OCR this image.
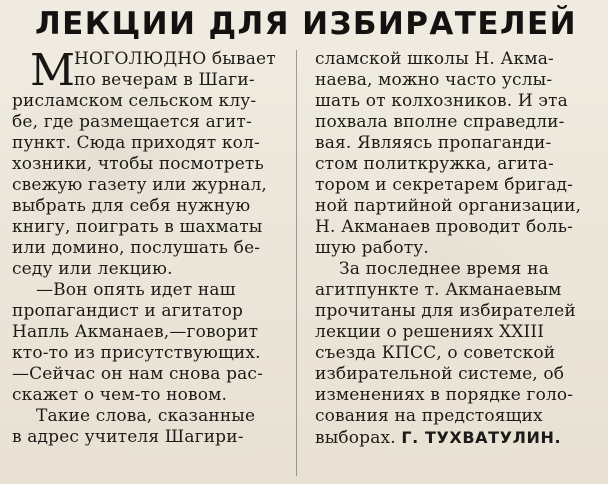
ЛЕКЦИИ ДЛЯ ИЗБИРАТЕЛЕЙ
М
НОГОЛЮДНО бывает
по вечерам в Шаги-
рисламском сельском клу-
бе, где размещается агит-
пункт. Сюда приходят кол-
хозники, чтобы посмотреть
свежую газету или журнал,
выбрать для себя нужную
книгу, поиграть в шахматы
или домино, послушать бе-
седу или лекцию.
—Вон опять идет наш
пропагандист и агитатор
Напль Акманаев,—говорит
кто-то из присутствующих.
—Сейчас он нам снова рас-
скажет о чем-то новом.
Такие слова, сказанные
в адрес учителя Шагири-
сламской школы Н. Акма-
наева, можно часто услы-
шать от колхозников. И эта
похвала вполне справедли-
вая. Являясь пропаганди-
стом политкружка, агита-
тором и секретарем бригад-
ной партийной организации,
Н. Акманаев проводит боль-
шую работу.
За последнее время на
агитпункте т. Акманаевым
прочитаны для избирателей
лекции о решениях XXIII
съезда КПСС, о советской
избирательной системе, об
изменениях в порядке голо-
сования на предстоящих
выборах. Г. ТУХВАТУЛИН.
